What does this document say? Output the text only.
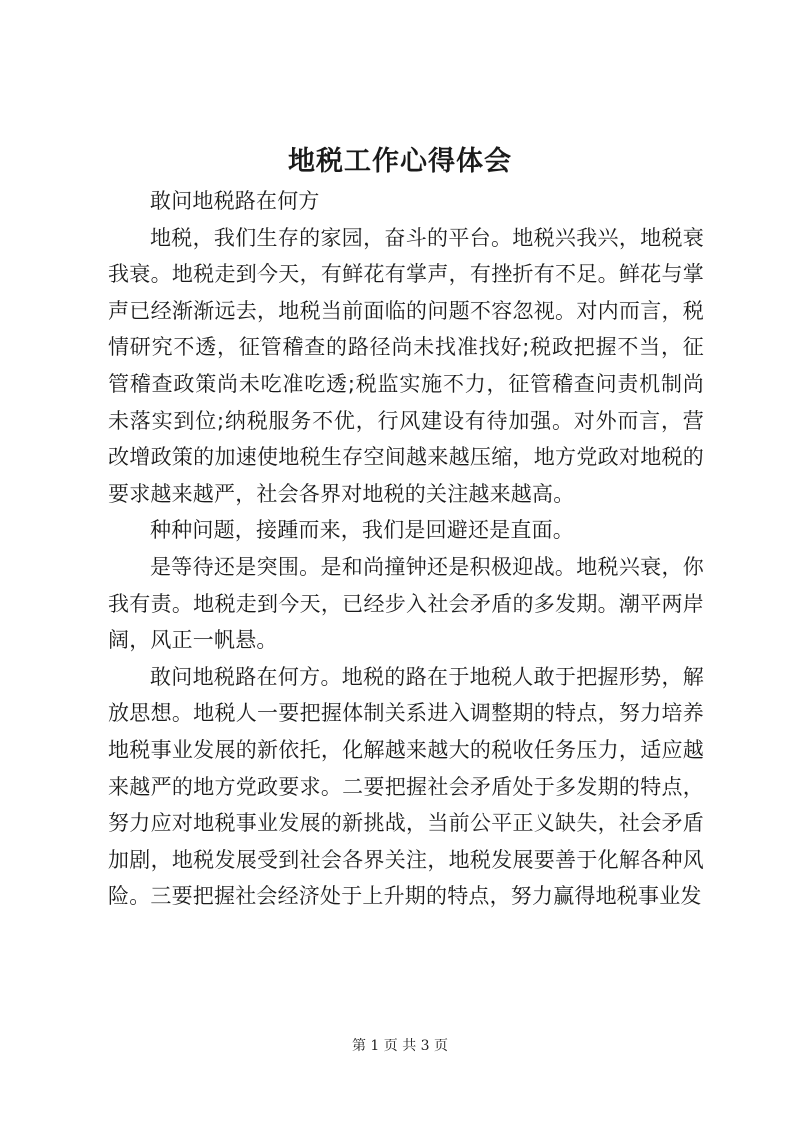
地税工作心得体会

敢问地税路在何方

地税，我们生存的家园，奋斗的平台。地税兴我兴，地税衰我衰。地税走到今天，有鲜花有掌声，有挫折有不足。鲜花与掌声已经渐渐远去，地税当前面临的问题不容忽视。对内而言，税情研究不透，征管稽查的路径尚未找准找好;税政把握不当，征管稽查政策尚未吃准吃透;税监实施不力，征管稽查问责机制尚未落实到位;纳税服务不优，行风建设有待加强。对外而言，营改增政策的加速使地税生存空间越来越压缩，地方党政对地税的要求越来越严，社会各界对地税的关注越来越高。

种种问题，接踵而来，我们是回避还是直面。

是等待还是突围。是和尚撞钟还是积极迎战。地税兴衰，你我有责。地税走到今天，已经步入社会矛盾的多发期。潮平两岸阔，风正一帆悬。

敢问地税路在何方。地税的路在于地税人敢于把握形势，解放思想。地税人一要把握体制关系进入调整期的特点，努力培养地税事业发展的新依托，化解越来越大的税收任务压力，适应越来越严的地方党政要求。二要把握社会矛盾处于多发期的特点，努力应对地税事业发展的新挑战，当前公平正义缺失，社会矛盾加剧，地税发展受到社会各界关注，地税发展要善于化解各种风险。三要把握社会经济处于上升期的特点，努力赢得地税事业发

第 1 页 共 3 页
